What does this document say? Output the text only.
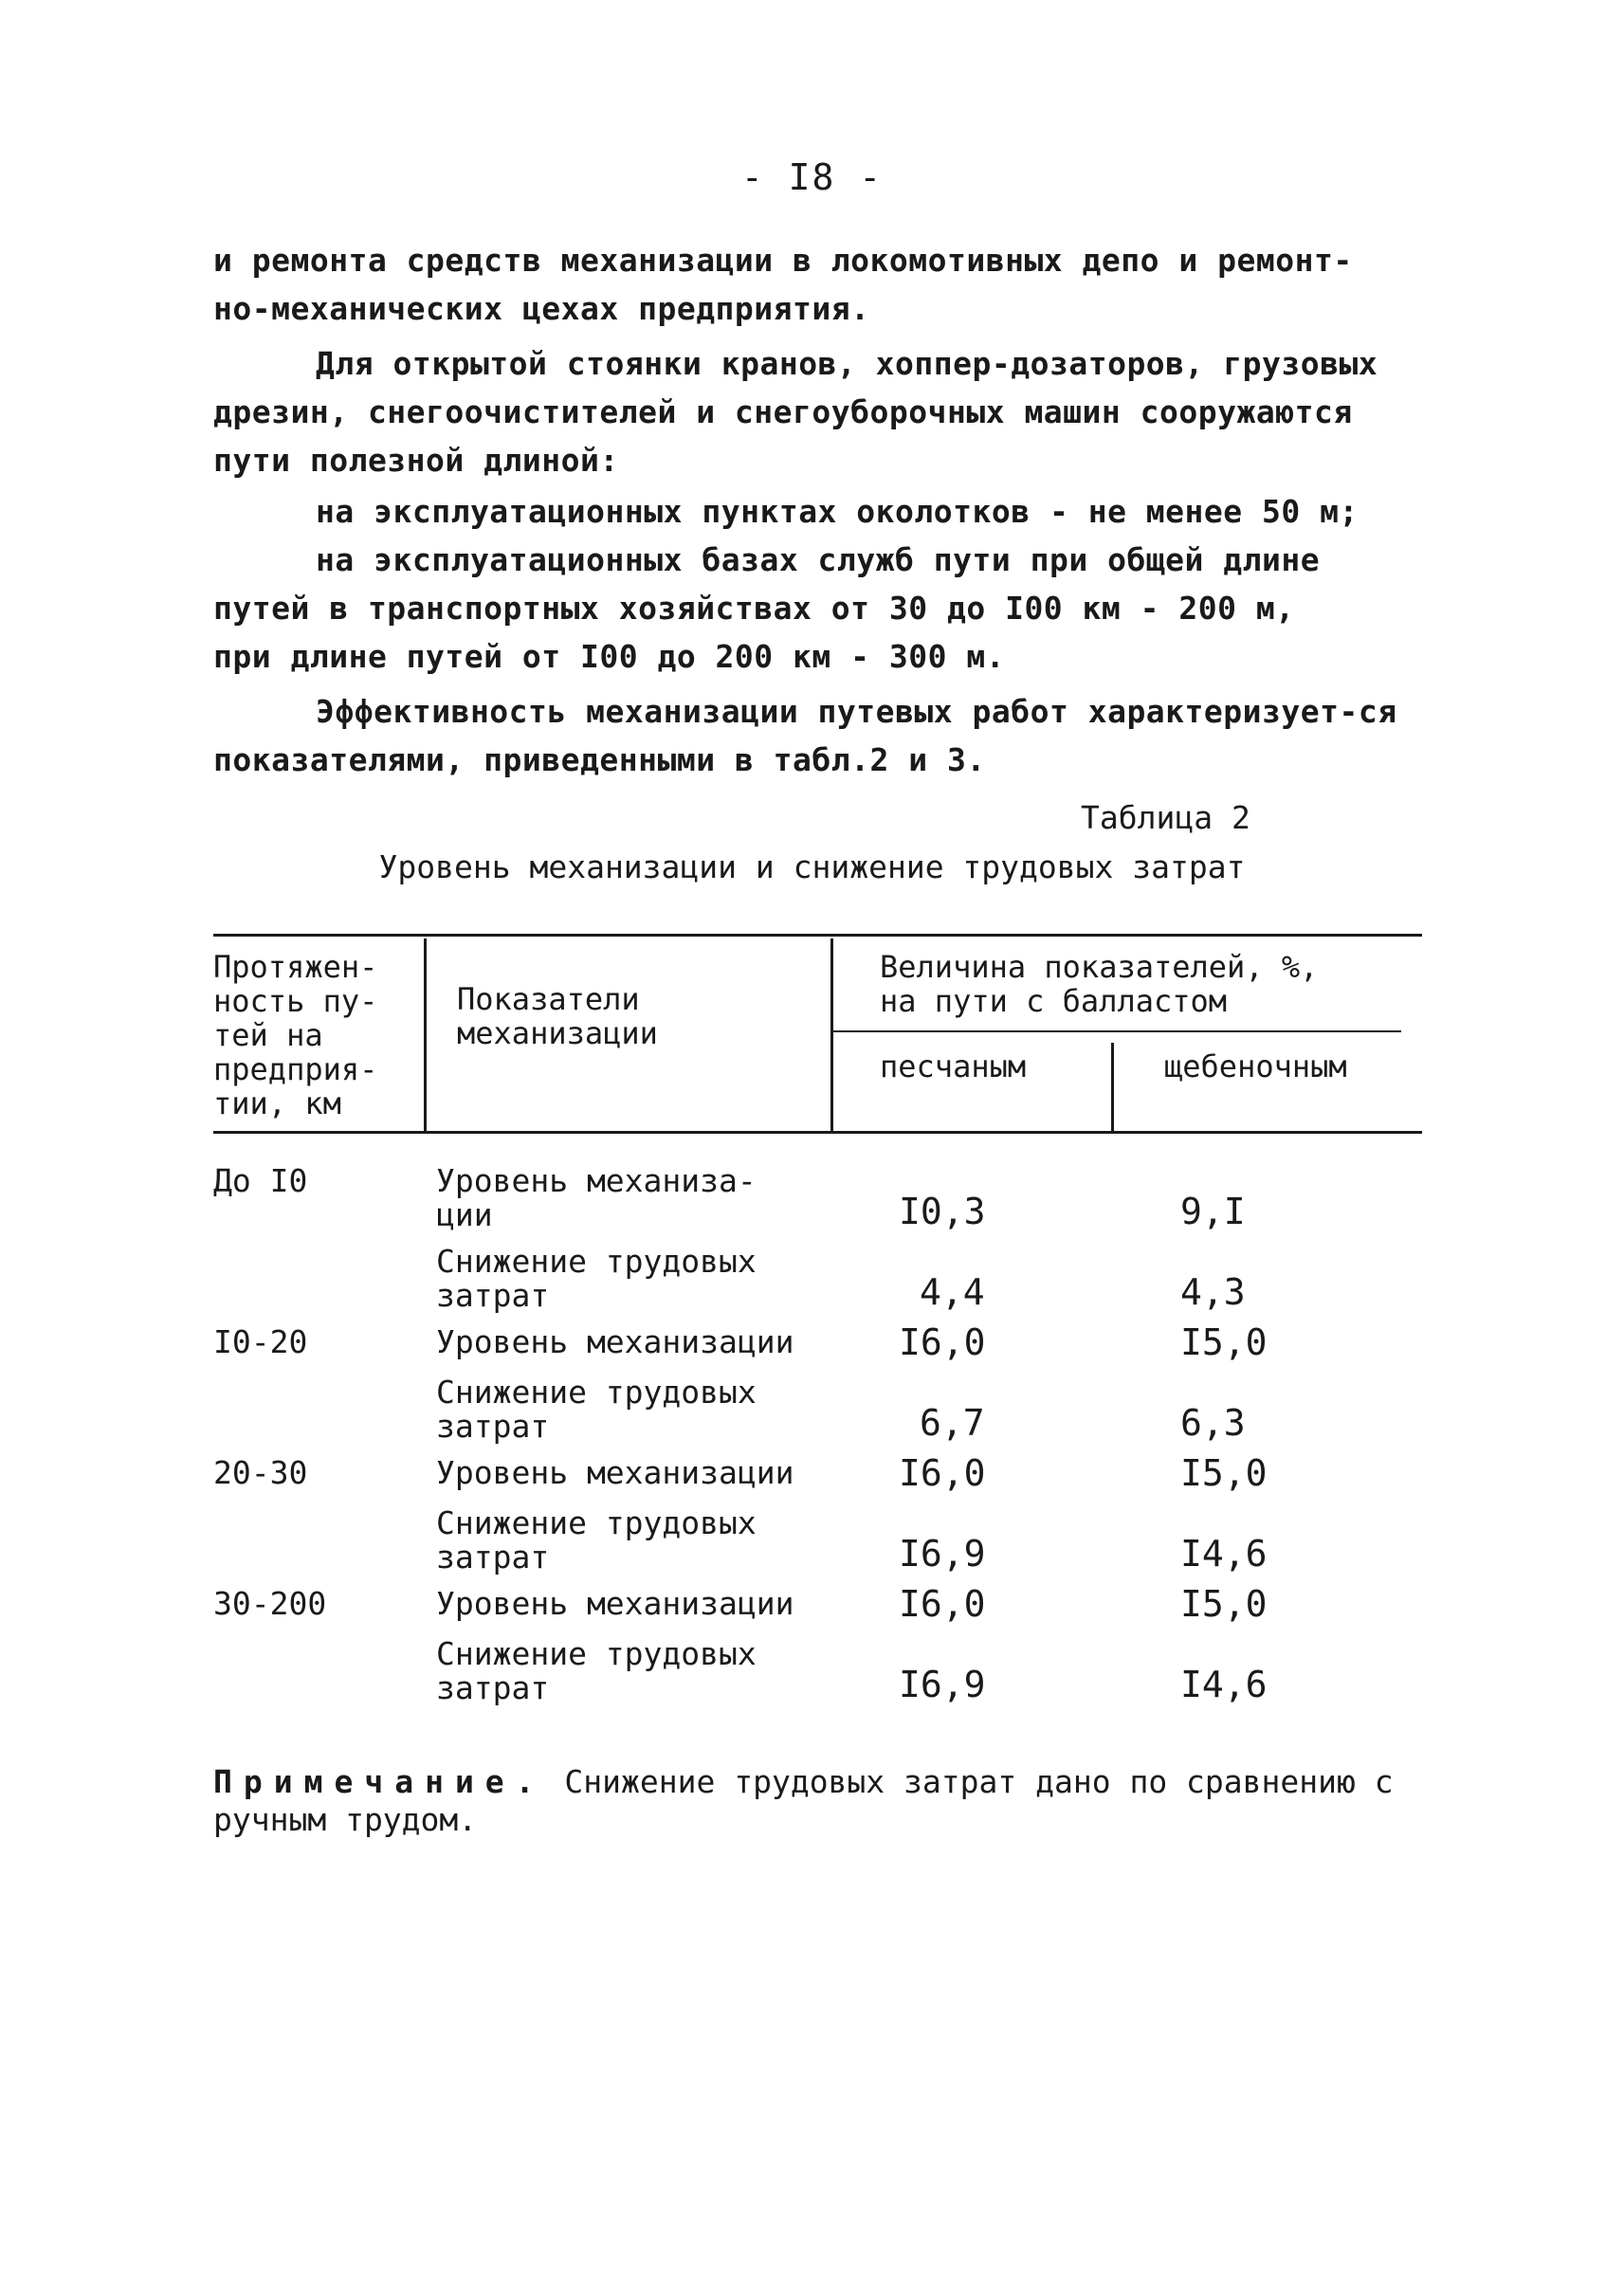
- I8 -
и ремонта средств механизации в локомотивных депо и ремонт-
но-механических цехах предприятия.
Для открытой стоянки кранов, хоппер-дозаторов, грузовых дрезин, снегоочистителей и снегоуборочных машин сооружаются пути полезной длиной:
на эксплуатационных пунктах околотков - не менее 50 м;
на эксплуатационных базах служб пути при общей длине
путей в транспортных хозяйствах от 30 до I00 км - 200 м,
при длине путей от I00 до 200 км - 300 м.
Эффективность механизации путевых работ характеризует-ся показателями, приведенными в табл.2 и 3.
Таблица 2
Уровень механизации и снижение трудовых затрат
Протяжен-
ность пу-
тей на
предприя-
тии, км
Показатели
механизации
Величина показателей, %,
на пути с балластом
песчаным	щебеночным
До I0	Уровень механиза-
ции	I0,3	9,I
Снижение трудовых
затрат	4,4	4,3
I0-20	Уровень механизации	I6,0	I5,0
Снижение трудовых
затрат	6,7	6,3
20-30	Уровень механизации	I6,0	I5,0
Снижение трудовых
затрат	I6,9	I4,6
30-200	Уровень механизации	I6,0	I5,0
Снижение трудовых
затрат	I6,9	I4,6
Примечание. Снижение трудовых затрат дано по сравнению с ручным трудом.
